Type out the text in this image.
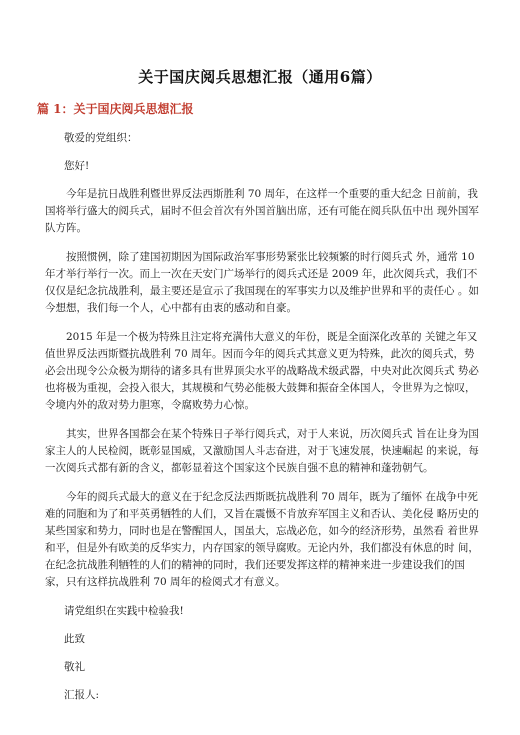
关于国庆阅兵思想汇报（通用6篇）
篇 1：关于国庆阅兵思想汇报

敬爱的党组织：

您好!

今年是抗日战胜利暨世界反法西斯胜利 70 周年，在这样一个重要的重大纪念 日前前，我国将举行盛大的阅兵式，届时不但会首次有外国首脑出席，还有可能在阅兵队伍中出 现外国军队方阵。

按照惯例，除了建国初期因为国际政治军事形势紧张比较频繁的时行阅兵式 外，通常 10 年才举行举行一次。而上一次在天安门广场举行的阅兵式还是 2009 年，此次阅兵式，我们不仅仅是纪念抗战胜利，最主要还是宣示了我国现在的军事实力以及维护世界和平的责任心 。如今想想，我们每一个人，心中都有由衷的感动和自豪。

2015 年是一个极为特殊且注定将充满伟大意义的年份，既是全面深化改革的 关键之年又值世界反法西斯暨抗战胜利 70 周年。因而今年的阅兵式其意义更为特殊，此次的阅兵式，势必会出现令公众极为期待的诸多具有世界顶尖水平的战略战术级武器，中央对此次阅兵式 势必也将极为重视，会投入很大，其规模和气势必能极大鼓舞和振奋全体国人，令世界为之惊叹，令境内外的敌对势力胆寒，令腐败势力心惊。

其实，世界各国都会在某个特殊日子举行阅兵式，对于人来说，历次阅兵式 旨在让身为国家主人的人民检阅，既彰显国威，又激励国人斗志奋进，对于飞速发展，快速崛起 的来说，每一次阅兵式都有新的含义，都彰显着这个国家这个民族自强不息的精神和蓬勃朝气。

今年的阅兵式最大的意义在于纪念反法西斯既抗战胜利 70 周年，既为了缅怀 在战争中死难的同胞和为了和平英勇牺牲的人们，又旨在震慑不肯放弃军国主义和否认、美化侵 略历史的某些国家和势力，同时也是在警醒国人，国虽大，忘战必危，如今的经济形势，虽然看 着世界和平，但是外有欧美的反华实力，内存国家的领导腐败。无论内外，我们都没有休息的时 间，在纪念抗战胜利牺牲的人们的精神的同时，我们还要发挥这样的精神来进一步建设我们的国 家，只有这样抗战胜利 70 周年的检阅式才有意义。

请党组织在实践中检验我!

此致

敬礼

汇报人:
